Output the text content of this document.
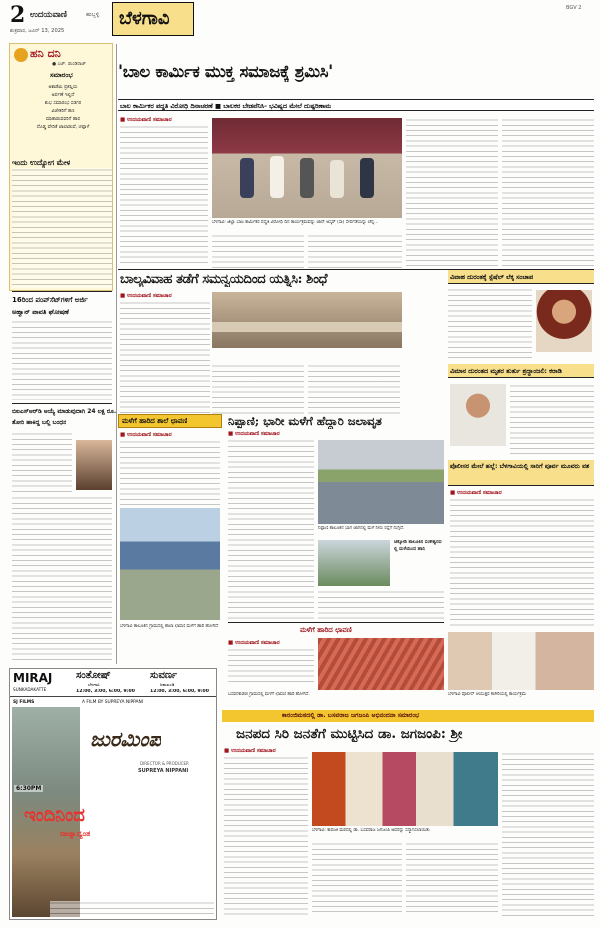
2 ಉದಯವಾಣಿ	ಹುಬ್ಬಳ್ಳಿ
ಶುಕ್ರವಾರ, ಜೂನ್ 13, 2025
ಬೆಳಗಾವಿ	BGV 2
ಹನಿ ದನಿ
● ಎಚ್. ಡುಂಡಿರಾಜ್
ಸಮಾರಂಭ
ಅಕಾಡೆಮಿ ಪ್ರಶಸ್ತಿಯ
ಅರ್ಪಣೆ ಇಲ್ಲಿದೆ
ಶುಭ ಸಮಾರಂಭ ಸಡಗರ
ವಿಜೇತರಿಗೆ ಹಣ
ಮಾತಾಡುವವರಿಗೆ ಹಾರ
ದೊಡ್ಡ ವೇದಿಕೆ ಜಾಲಾಡುವೆ, ಚಪ್ಪಾಳೆ
ಇಂದು ಉದ್ಯೋಗ ಮೇಳ
16ರಿಂದ ಪಂಪ್‌ಸೆಟ್‌ಗಳಿಗೆ ಅರ್ಜಿ
ಅಹ್ವಾನ್ ಪಾವತಿ ಘೋಷಣೆ
ಬಿಐಎಸ್‌ಆರ್‌ಡಿ ಅಯ್ಯೆ ಮಾಡುವುದಾಗಿ 24 ಲಕ್ಷ ರೂ.
ತೋರಿ ಹಾಕಿದ್ದ ಬಲ್ಲಿ ಬಂಧನ
'ಬಾಲ ಕಾರ್ಮಿಕ ಮುಕ್ತ ಸಮಾಜಕ್ಕೆ ಶ್ರಮಿಸಿ'
ಬಾಲ ಕಾರ್ಮಿಕರ ಪದ್ಧತಿ ವಿರೋಧಿ ದಿನಾಚರಣೆ ■ ಬಾಲಕರ ಬೇಡವೆನಿಸಿ- ಭವಿಷ್ಯದ ಮೇಲೆ ದುಷ್ಪರಿಣಾಮ
■ ಉದಯವಾಣಿ ಸಮಾಚಾರ
ಬೆಳಗಾವಿ: ಜಿಲ್ಲಾ ಬಾಲ ಕಾರ್ಮಿಕರ ಪದ್ಧತಿ ವಿರೋಧಿ ದಿನ ಕಾರ್ಯಕ್ರಮವನ್ನು ಜಾನ್ ಅಸ್ಕರ್ (ಸಾ) ಸೇರ್ಪಡೆಯನ್ನು ಚೆನ್ನ...
ಬಾಲ್ಯವಿವಾಹ ತಡೆಗೆ ಸಮನ್ವಯದಿಂದ ಯತ್ನಿಸಿ: ಶಿಂಧೆ
■ ಉದಯವಾಣಿ ಸಮಾಚಾರ
ವಿವಾಹ ದುರಂತಕ್ಕೆ ಸ್ಪೆಷೆಲ್ ಲೆಕ್ಕ ಸಂಚಾಪ
ವಿಮಾನ ದುರಂತದ ಮೃತರ ತುರ್ತು ಶ್ರದ್ಧಾಂಜಲಿ: ಕರಾಡಿ
ಮಳೆಗೆ ಹಾರಿದ ಶಾಲೆ ಛಾವಣಿ
■ ಉದಯವಾಣಿ ಸಮಾಚಾರ
ಬೆಳಗಾವಿ ತಾಲೂಕಿನ ಗ್ರಾಮದಲ್ಲಿ ಶಾಲಾ ಛಾವಣಿ ಮಳೆಗೆ ಹಾರಿ ಹೋಗಿದೆ
ನಿಪ್ಪಾಣಿ; ಭಾರೀ ಮಳೆಗೆ ಹೆದ್ದಾರಿ ಜಲಾವೃತ
■ ಉದಯವಾಣಿ ಸಮಾಚಾರ
ನಿಪ್ಪಾಣಿ ತಾಲೂಕಿನ ಭಾಗ ಜಾಗನಲ್ಲಿ ಮಳೆ ನೀರು ರಸ್ತೆಗೆ ನುಗ್ಗಿದೆ.
ಚಿಕ್ಕೋಡಿ ತಾಲೂಕಿನ ಸಂಕೇಶ್ವರದಲ್ಲಿ ಮಳೆಯಿಂದ ಹಾನಿ
ಪೊಲೀಸರ ಮೇಲೆ ಹಲ್ಲೆ: ಬೆಳಗಾವಿಯಲ್ಲಿ ಸಾರಿಗೆ ಪೂರ್ವ ಮೂವರು ವಶ
■ ಉದಯವಾಣಿ ಸಮಾಚಾರ
ಮಳೆಗೆ ಹಾರಿದ ಛಾವಣಿ
■ ಉದಯವಾಣಿ ಸಮಾಚಾರ
ಬಸವನಕುಡಚಿ ಗ್ರಾಮದಲ್ಲಿ ಮಳೆಗೆ ಛಾವಣಿ ಹಾರಿ ಹೋಗಿದೆ.	ಬೆಳಗಾವಿ ಪೊಲೀಸ್ ಆಯುಕ್ತರ ಕಚೇರಿಯಲ್ಲಿ ಕಾರ್ಯಕ್ರಮ
MIRAJ
SUNKADAKATTE
ಸಂತೋಷ್
ಬೆಳಗಾವಿ
12:00, 3:00, 6:00, 9:00
ಸುವರ್ಣ
ಜಮಖಂಡಿ
12:00, 3:00, 6:00, 9:00
SJ FILMS	A FILM BY SUPREYA NIPPANI
ಜುರಮಿಂಪ
DIRECTOR & PRODUCER
SUPREYA NIPPANI
ಇಂದಿನಿಂದ
ರಾಜ್ಯಾದ್ಯಂತ
6:30PM
ಕಾರಂಜಿಮಠದಲ್ಲಿ ಡಾ. ಬಸವರಾಜ ಜಗಜಂಪಿ ಅಭಿನಂದನಾ ಸಮಾರಂಭ
ಜನಪದ ಸಿರಿ ಜನತೆಗೆ ಮುಟ್ಟಿಸಿದ ಡಾ. ಜಗಜಂಪಿ: ಶ್ರೀ
■ ಉದಯವಾಣಿ ಸಮಾಚಾರ
ಬೆಳಗಾವಿ: ಕಾರಂಜಿ ಮಠದಲ್ಲಿ ಡಾ. ಬಸವರಾಜ ಜಗಜಂಪಿ ಅವರನ್ನು ಸನ್ಮಾನಿಸಲಾಯಿತು
